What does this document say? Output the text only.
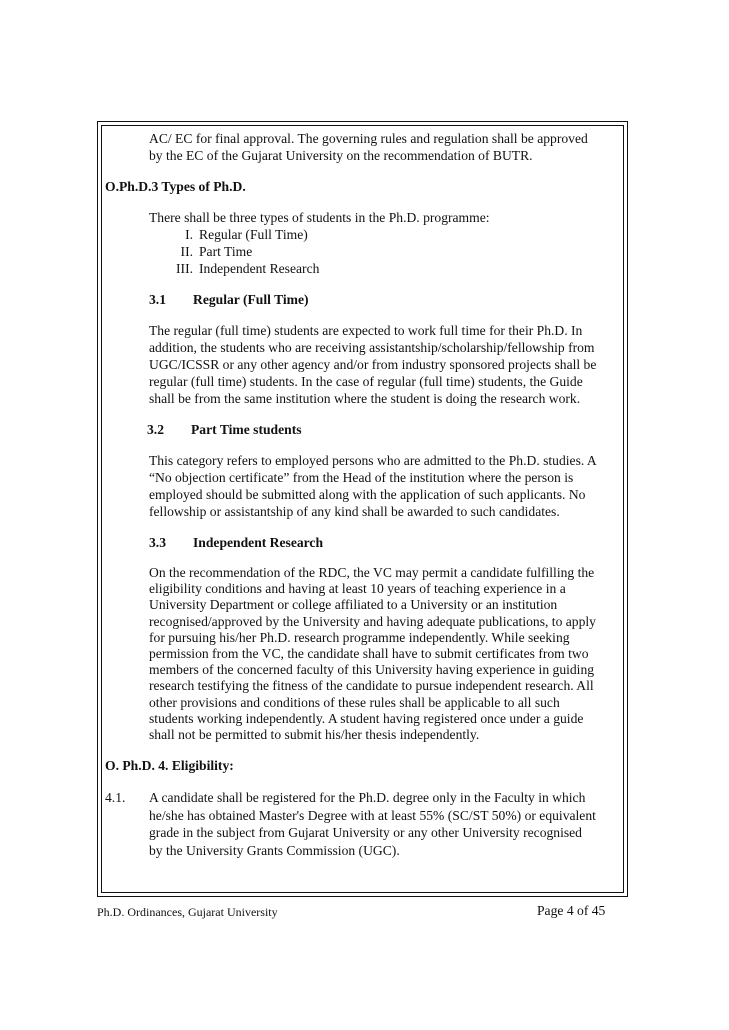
AC/ EC for final approval. The governing rules and regulation shall be approved
by the EC of the Gujarat University on the recommendation of BUTR.
O.Ph.D.3 Types of Ph.D.
There shall be three types of students in the Ph.D. programme:
I. Regular (Full Time)
II. Part Time
III. Independent Research
3.1	Regular (Full Time)
The regular (full time) students are expected to work full time for their Ph.D. In
addition, the students who are receiving assistantship/scholarship/fellowship from
UGC/ICSSR or any other agency and/or from industry sponsored projects shall be
regular (full time) students. In the case of regular (full time) students, the Guide
shall be from the same institution where the student is doing the research work.
3.2	Part Time students
This category refers to employed persons who are admitted to the Ph.D. studies. A
“No objection certificate” from the Head of the institution where the person is
employed should be submitted along with the application of such applicants. No
fellowship or assistantship of any kind shall be awarded to such candidates.
3.3	Independent Research
On the recommendation of the RDC, the VC may permit a candidate fulfilling the
eligibility conditions and having at least 10 years of teaching experience in a
University Department or college affiliated to a University or an institution
recognised/approved by the University and having adequate publications, to apply
for pursuing his/her Ph.D. research programme independently. While seeking
permission from the VC, the candidate shall have to submit certificates from two
members of the concerned faculty of this University having experience in guiding
research testifying the fitness of the candidate to pursue independent research. All
other provisions and conditions of these rules shall be applicable to all such
students working independently. A student having registered once under a guide
shall not be permitted to submit his/her thesis independently.
O. Ph.D. 4. Eligibility:
4.1.	A candidate shall be registered for the Ph.D. degree only in the Faculty in which
he/she has obtained Master's Degree with at least 55% (SC/ST 50%) or equivalent
grade in the subject from Gujarat University or any other University recognised
by the University Grants Commission (UGC).
Ph.D. Ordinances, Gujarat University	Page 4 of 45
